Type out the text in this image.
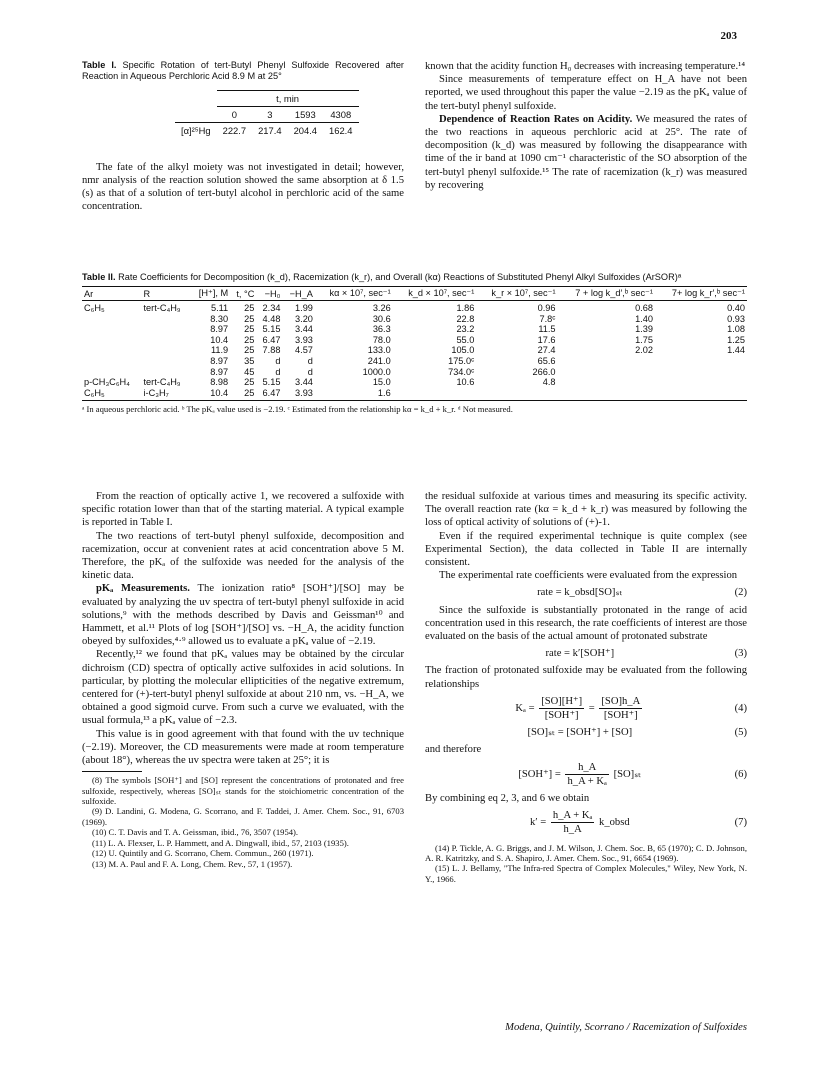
203
Table I. Specific Rotation of tert-Butyl Phenyl Sulfoxide Recovered after Reaction in Aqueous Perchloric Acid 8.9 M at 25°
	t, min			
	0	3	1593	4308
[α]²⁵Hg	222.7	217.4	204.4	162.4

The fate of the alkyl moiety was not investigated in detail; however, nmr analysis of the reaction solution showed the same absorption at δ 1.5 (s) as that of a solution of tert-butyl alcohol in perchloric acid of the same concentration.

known that the acidity function H₀ decreases with increasing temperature.¹⁴

Since measurements of temperature effect on H_A have not been reported, we used throughout this paper the value −2.19 as the pKₐ value of the tert-butyl phenyl sulfoxide.

Dependence of Reaction Rates on Acidity. We measured the rates of the two reactions in aqueous perchloric acid at 25°. The rate of decomposition (k_d) was measured by following the disappearance with time of the ir band at 1090 cm⁻¹ characteristic of the SO absorption of the tert-butyl phenyl sulfoxide.¹⁵ The rate of racemization (k_r) was measured by recovering

Table II. Rate Coefficients for Decomposition (k_d), Racemization (k_r), and Overall (kα) Reactions of Substituted Phenyl Alkyl Sulfoxides (ArSOR)ᵃ
Ar	R	[H⁺], M	t, °C	−H₀	−H_A	kα × 10⁷, sec⁻¹	k_d × 10⁷, sec⁻¹	k_r × 10⁷, sec⁻¹	7 + log k_d′,ᵇ sec⁻¹	7+ log k_r′,ᵇ sec⁻¹
C₆H₅	tert-C₄H₉	5.11	25	2.34	1.99	3.26	1.86	0.96	0.68	0.40
		8.30	25	4.48	3.20	30.6	22.8	7.8ᶜ	1.40	0.93
		8.97	25	5.15	3.44	36.3	23.2	11.5	1.39	1.08
		10.4	25	6.47	3.93	78.0	55.0	17.6	1.75	1.25
		11.9	25	7.88	4.57	133.0	105.0	27.4	2.02	1.44
		8.97	35	d	d	241.0	175.0ᶜ	65.6		
		8.97	45	d	d	1000.0	734.0ᶜ	266.0		
p-CH₃C₆H₄	tert-C₄H₉	8.98	25	5.15	3.44	15.0	10.6	4.8		
C₆H₅	i-C₃H₇	10.4	25	6.47	3.93	1.6				
ᵃ In aqueous perchloric acid. ᵇ The pKₐ value used is −2.19. ᶜ Estimated from the relationship kα = k_d + k_r. ᵈ Not measured.

From the reaction of optically active 1, we recovered a sulfoxide with specific rotation lower than that of the starting material. A typical example is reported in Table I.

The two reactions of tert-butyl phenyl sulfoxide, decomposition and racemization, occur at convenient rates at acid concentration above 5 M. Therefore, the pKₐ of the sulfoxide was needed for the analysis of the kinetic data.

pKₐ Measurements. The ionization ratio⁸ [SOH⁺]/[SO] may be evaluated by analyzing the uv spectra of tert-butyl phenyl sulfoxide in acid solutions,⁹ with the methods described by Davis and Geissman¹⁰ and Hammett, et al.¹¹ Plots of log [SOH⁺]/[SO] vs. −H_A, the acidity function obeyed by sulfoxides,⁴·⁹ allowed us to evaluate a pKₐ value of −2.19.

Recently,¹² we found that pKₐ values may be obtained by the circular dichroism (CD) spectra of optically active sulfoxides in acid solutions. In particular, by plotting the molecular ellipticities of the negative extremum, centered for (+)-tert-butyl phenyl sulfoxide at about 210 nm, vs. −H_A, we obtained a good sigmoid curve. From such a curve we evaluated, with the usual formula,¹³ a pKₐ value of −2.3.

This value is in good agreement with that found with the uv technique (−2.19). Moreover, the CD measurements were made at room temperature (about 18°), whereas the uv spectra were taken at 25°; it is

(8) The symbols [SOH⁺] and [SO] represent the concentrations of protonated and free sulfoxide, respectively, whereas [SO]ₛₜ stands for the stoichiometric concentration of the sulfoxide.
(9) D. Landini, G. Modena, G. Scorrano, and F. Taddei, J. Amer. Chem. Soc., 91, 6703 (1969).
(10) C. T. Davis and T. A. Geissman, ibid., 76, 3507 (1954).
(11) L. A. Flexser, L. P. Hammett, and A. Dingwall, ibid., 57, 2103 (1935).
(12) U. Quintily and G. Scorrano, Chem. Commun., 260 (1971).
(13) M. A. Paul and F. A. Long, Chem. Rev., 57, 1 (1957).

the residual sulfoxide at various times and measuring its specific activity. The overall reaction rate (kα = k_d + k_r) was measured by following the loss of optical activity of solutions of (+)-1.

Even if the required experimental technique is quite complex (see Experimental Section), the data collected in Table II are internally consistent.

The experimental rate coefficients were evaluated from the expression

rate = k_obsd[SO]ₛₜ	(2)

Since the sulfoxide is substantially protonated in the range of acid concentration used in this research, the rate coefficients of interest are those evaluated on the basis of the actual amount of protonated substrate

rate = k′[SOH⁺]	(3)

The fraction of protonated sulfoxide may be evaluated from the following relationships

$K_a = \frac{[SO][H^+]}{\text{[SOH⁺]}} = \frac{[SO]h\_A}{\text{[SOH⁺]}}$	(4)
[SO]ₛₜ = [SOH⁺] + [SO]	(5)

and therefore

$[SOH^+] = \frac{h\_A}{\text{h\_A + Kₐ}} [SO]_{st}$	(6)

By combining eq 2, 3, and 6 we obtain

$k' = \frac{\text{h\_A + Kₐ}}{h\_A}$ k_obsd	(7)
(14) P. Tickle, A. G. Briggs, and J. M. Wilson, J. Chem. Soc. B, 65 (1970); C. D. Johnson, A. R. Katritzky, and S. A. Shapiro, J. Amer. Chem. Soc., 91, 6654 (1969).
(15) L. J. Bellamy, "The Infra-red Spectra of Complex Molecules," Wiley, New York, N. Y., 1966.
Modena, Quintily, Scorrano / Racemization of Sulfoxides
